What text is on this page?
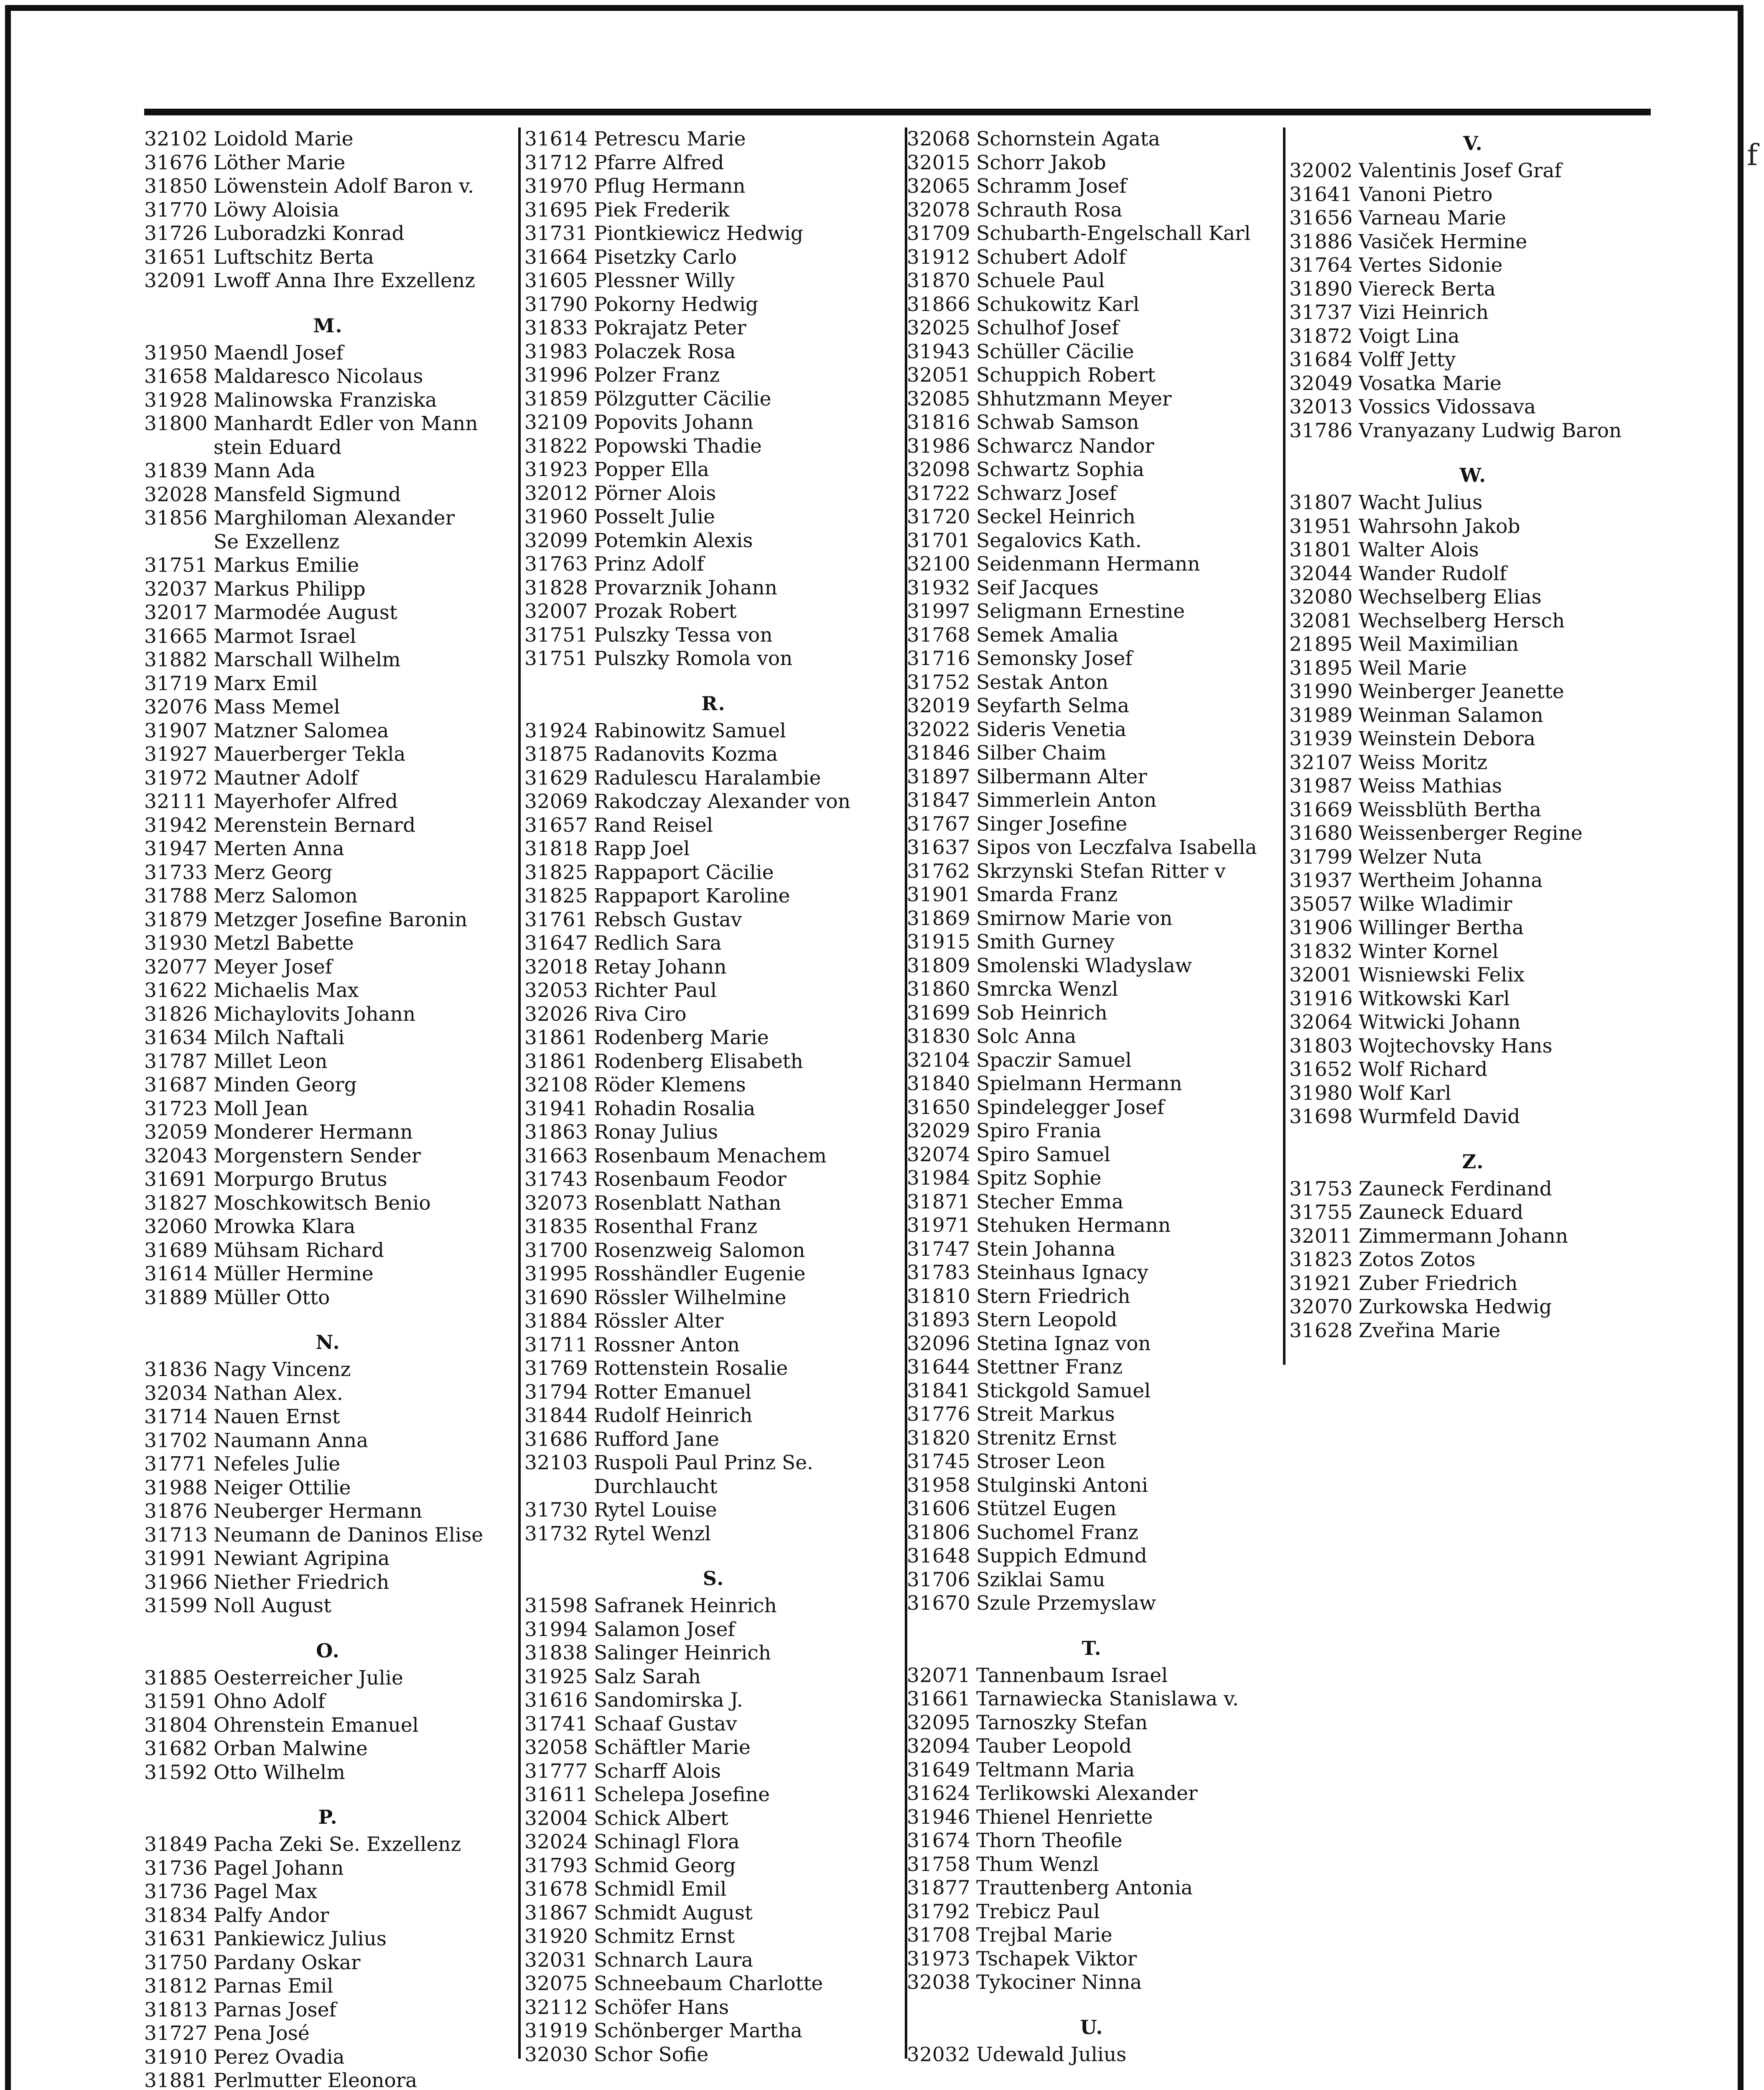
f
32102 Loidold Marie
31676 Löther Marie
31850 Löwenstein Adolf Baron v.
31770 Löwy Aloisia
31726 Luboradzki Konrad
31651 Luftschitz Berta
32091 Lwoff Anna Ihre Exzellenz
M.
31950 Maendl Josef
31658 Maldaresco Nicolaus
31928 Malinowska Franziska
31800 Manhardt Edler von Mann
stein Eduard
31839 Mann Ada
32028 Mansfeld Sigmund
31856 Marghiloman Alexander
Se Exzellenz
31751 Markus Emilie
32037 Markus Philipp
32017 Marmodée August
31665 Marmot Israel
31882 Marschall Wilhelm
31719 Marx Emil
32076 Mass Memel
31907 Matzner Salomea
31927 Mauerberger Tekla
31972 Mautner Adolf
32111 Mayerhofer Alfred
31942 Merenstein Bernard
31947 Merten Anna
31733 Merz Georg
31788 Merz Salomon
31879 Metzger Josefine Baronin
31930 Metzl Babette
32077 Meyer Josef
31622 Michaelis Max
31826 Michaylovits Johann
31634 Milch Naftali
31787 Millet Leon
31687 Minden Georg
31723 Moll Jean
32059 Monderer Hermann
32043 Morgenstern Sender
31691 Morpurgo Brutus
31827 Moschkowitsch Benio
32060 Mrowka Klara
31689 Mühsam Richard
31614 Müller Hermine
31889 Müller Otto
N.
31836 Nagy Vincenz
32034 Nathan Alex.
31714 Nauen Ernst
31702 Naumann Anna
31771 Nefeles Julie
31988 Neiger Ottilie
31876 Neuberger Hermann
31713 Neumann de Daninos Elise
31991 Newiant Agripina
31966 Niether Friedrich
31599 Noll August
O.
31885 Oesterreicher Julie
31591 Ohno Adolf
31804 Ohrenstein Emanuel
31682 Orban Malwine
31592 Otto Wilhelm
P.
31849 Pacha Zeki Se. Exzellenz
31736 Pagel Johann
31736 Pagel Max
31834 Palfy Andor
31631 Pankiewicz Julius
31750 Pardany Oskar
31812 Parnas Emil
31813 Parnas Josef
31727 Pena José
31910 Perez Ovadia
31881 Perlmutter Eleonora
31614 Petrescu Marie
31712 Pfarre Alfred
31970 Pflug Hermann
31695 Piek Frederik
31731 Piontkiewicz Hedwig
31664 Pisetzky Carlo
31605 Plessner Willy
31790 Pokorny Hedwig
31833 Pokrajatz Peter
31983 Polaczek Rosa
31996 Polzer Franz
31859 Pölzgutter Cäcilie
32109 Popovits Johann
31822 Popowski Thadie
31923 Popper Ella
32012 Pörner Alois
31960 Posselt Julie
32099 Potemkin Alexis
31763 Prinz Adolf
31828 Provarznik Johann
32007 Prozak Robert
31751 Pulszky Tessa von
31751 Pulszky Romola von
R.
31924 Rabinowitz Samuel
31875 Radanovits Kozma
31629 Radulescu Haralambie
32069 Rakodczay Alexander von
31657 Rand Reisel
31818 Rapp Joel
31825 Rappaport Cäcilie
31825 Rappaport Karoline
31761 Rebsch Gustav
31647 Redlich Sara
32018 Retay Johann
32053 Richter Paul
32026 Riva Ciro
31861 Rodenberg Marie
31861 Rodenberg Elisabeth
32108 Röder Klemens
31941 Rohadin Rosalia
31863 Ronay Julius
31663 Rosenbaum Menachem
31743 Rosenbaum Feodor
32073 Rosenblatt Nathan
31835 Rosenthal Franz
31700 Rosenzweig Salomon
31995 Rosshändler Eugenie
31690 Rössler Wilhelmine
31884 Rössler Alter
31711 Rossner Anton
31769 Rottenstein Rosalie
31794 Rotter Emanuel
31844 Rudolf Heinrich
31686 Rufford Jane
32103 Ruspoli Paul Prinz Se.
Durchlaucht
31730 Rytel Louise
31732 Rytel Wenzl
S.
31598 Safranek Heinrich
31994 Salamon Josef
31838 Salinger Heinrich
31925 Salz Sarah
31616 Sandomirska J.
31741 Schaaf Gustav
32058 Schäftler Marie
31777 Scharff Alois
31611 Schelepa Josefine
32004 Schick Albert
32024 Schinagl Flora
31793 Schmid Georg
31678 Schmidl Emil
31867 Schmidt August
31920 Schmitz Ernst
32031 Schnarch Laura
32075 Schneebaum Charlotte
32112 Schöfer Hans
31919 Schönberger Martha
32030 Schor Sofie
32068 Schornstein Agata
32015 Schorr Jakob
32065 Schramm Josef
32078 Schrauth Rosa
31709 Schubarth-Engelschall Karl
31912 Schubert Adolf
31870 Schuele Paul
31866 Schukowitz Karl
32025 Schulhof Josef
31943 Schüller Cäcilie
32051 Schuppich Robert
32085 Shhutzmann Meyer
31816 Schwab Samson
31986 Schwarcz Nandor
32098 Schwartz Sophia
31722 Schwarz Josef
31720 Seckel Heinrich
31701 Segalovics Kath.
32100 Seidenmann Hermann
31932 Seif Jacques
31997 Seligmann Ernestine
31768 Semek Amalia
31716 Semonsky Josef
31752 Sestak Anton
32019 Seyfarth Selma
32022 Sideris Venetia
31846 Silber Chaim
31897 Silbermann Alter
31847 Simmerlein Anton
31767 Singer Josefine
31637 Sipos von Leczfalva Isabella
31762 Skrzynski Stefan Ritter v
31901 Smarda Franz
31869 Smirnow Marie von
31915 Smith Gurney
31809 Smolenski Wladyslaw
31860 Smrcka Wenzl
31699 Sob Heinrich
31830 Solc Anna
32104 Spaczir Samuel
31840 Spielmann Hermann
31650 Spindelegger Josef
32029 Spiro Frania
32074 Spiro Samuel
31984 Spitz Sophie
31871 Stecher Emma
31971 Stehuken Hermann
31747 Stein Johanna
31783 Steinhaus Ignacy
31810 Stern Friedrich
31893 Stern Leopold
32096 Stetina Ignaz von
31644 Stettner Franz
31841 Stickgold Samuel
31776 Streit Markus
31820 Strenitz Ernst
31745 Stroser Leon
31958 Stulginski Antoni
31606 Stützel Eugen
31806 Suchomel Franz
31648 Suppich Edmund
31706 Sziklai Samu
31670 Szule Przemyslaw
T.
32071 Tannenbaum Israel
31661 Tarnawiecka Stanislawa v.
32095 Tarnoszky Stefan
32094 Tauber Leopold
31649 Teltmann Maria
31624 Terlikowski Alexander
31946 Thienel Henriette
31674 Thorn Theofile
31758 Thum Wenzl
31877 Trauttenberg Antonia
31792 Trebicz Paul
31708 Trejbal Marie
31973 Tschapek Viktor
32038 Tykociner Ninna
U.
32032 Udewald Julius
V.
32002 Valentinis Josef Graf
31641 Vanoni Pietro
31656 Varneau Marie
31886 Vasiček Hermine
31764 Vertes Sidonie
31890 Viereck Berta
31737 Vizi Heinrich
31872 Voigt Lina
31684 Volff Jetty
32049 Vosatka Marie
32013 Vossics Vidossava
31786 Vranyazany Ludwig Baron
W.
31807 Wacht Julius
31951 Wahrsohn Jakob
31801 Walter Alois
32044 Wander Rudolf
32080 Wechselberg Elias
32081 Wechselberg Hersch
21895 Weil Maximilian
31895 Weil Marie
31990 Weinberger Jeanette
31989 Weinman Salamon
31939 Weinstein Debora
32107 Weiss Moritz
31987 Weiss Mathias
31669 Weissblüth Bertha
31680 Weissenberger Regine
31799 Welzer Nuta
31937 Wertheim Johanna
35057 Wilke Wladimir
31906 Willinger Bertha
31832 Winter Kornel
32001 Wisniewski Felix
31916 Witkowski Karl
32064 Witwicki Johann
31803 Wojtechovsky Hans
31652 Wolf Richard
31980 Wolf Karl
31698 Wurmfeld David
Z.
31753 Zauneck Ferdinand
31755 Zauneck Eduard
32011 Zimmermann Johann
31823 Zotos Zotos
31921 Zuber Friedrich
32070 Zurkowska Hedwig
31628 Zveřina Marie
